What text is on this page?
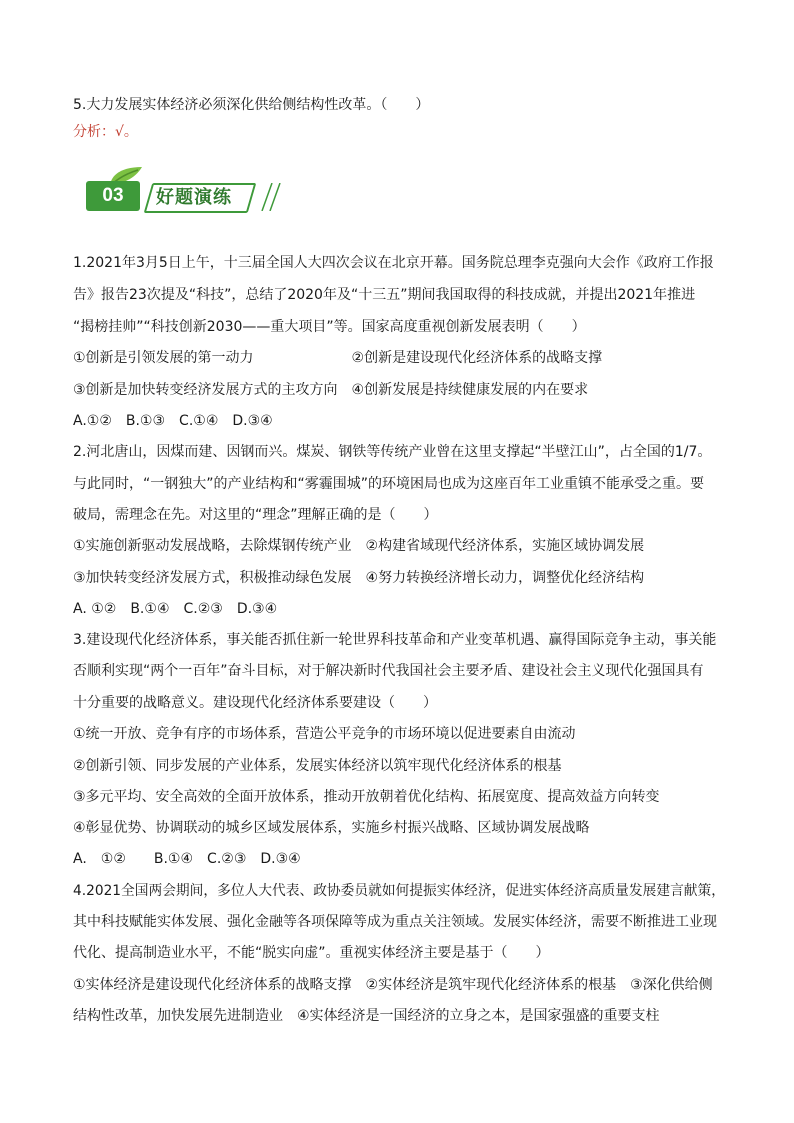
5.大力发展实体经济必须深化供给侧结构性改革。（　　）
分析：√。
03	好题演练
1.2021年3月5日上午，十三届全国人大四次会议在北京开幕。国务院总理李克强向大会作《政府工作报
告》报告23次提及“科技”，总结了2020年及“十三五”期间我国取得的科技成就，并提出2021年推进
“揭榜挂帅”“科技创新2030——重大项目”等。国家高度重视创新发展表明（　　）
①创新是引领发展的第一动力　　　　　　　②创新是建设现代化经济体系的战略支撑
③创新是加快转变经济发展方式的主攻方向　④创新发展是持续健康发展的内在要求
A.①②　B.①③　C.①④　D.③④
2.河北唐山，因煤而建、因钢而兴。煤炭、钢铁等传统产业曾在这里支撑起“半壁江山”，占全国的1/7。
与此同时，“一钢独大”的产业结构和“雾霾围城”的环境困局也成为这座百年工业重镇不能承受之重。要
破局，需理念在先。对这里的“理念”理解正确的是（　　）
①实施创新驱动发展战略，去除煤钢传统产业　②构建省域现代经济体系，实施区域协调发展
③加快转变经济发展方式，积极推动绿色发展　④努力转换经济增长动力，调整优化经济结构
A. ①②　B.①④　C.②③　D.③④
3.建设现代化经济体系，事关能否抓住新一轮世界科技革命和产业变革机遇、赢得国际竞争主动，事关能
否顺利实现“两个一百年”奋斗目标，对于解决新时代我国社会主要矛盾、建设社会主义现代化强国具有
十分重要的战略意义。建设现代化经济体系要建设（　　）
①统一开放、竞争有序的市场体系，营造公平竞争的市场环境以促进要素自由流动
②创新引领、同步发展的产业体系，发展实体经济以筑牢现代化经济体系的根基
③多元平均、安全高效的全面开放体系，推动开放朝着优化结构、拓展宽度、提高效益方向转变
④彰显优势、协调联动的城乡区域发展体系，实施乡村振兴战略、区域协调发展战略
A.　①②　　B.①④　C.②③　D.③④
4.2021全国两会期间，多位人大代表、政协委员就如何提振实体经济，促进实体经济高质量发展建言献策，
其中科技赋能实体发展、强化金融等各项保障等成为重点关注领域。发展实体经济，需要不断推进工业现
代化、提高制造业水平，不能“脱实向虚”。重视实体经济主要是基于（　　）
①实体经济是建设现代化经济体系的战略支撑　②实体经济是筑牢现代化经济体系的根基　③深化供给侧
结构性改革，加快发展先进制造业　④实体经济是一国经济的立身之本，是国家强盛的重要支柱
